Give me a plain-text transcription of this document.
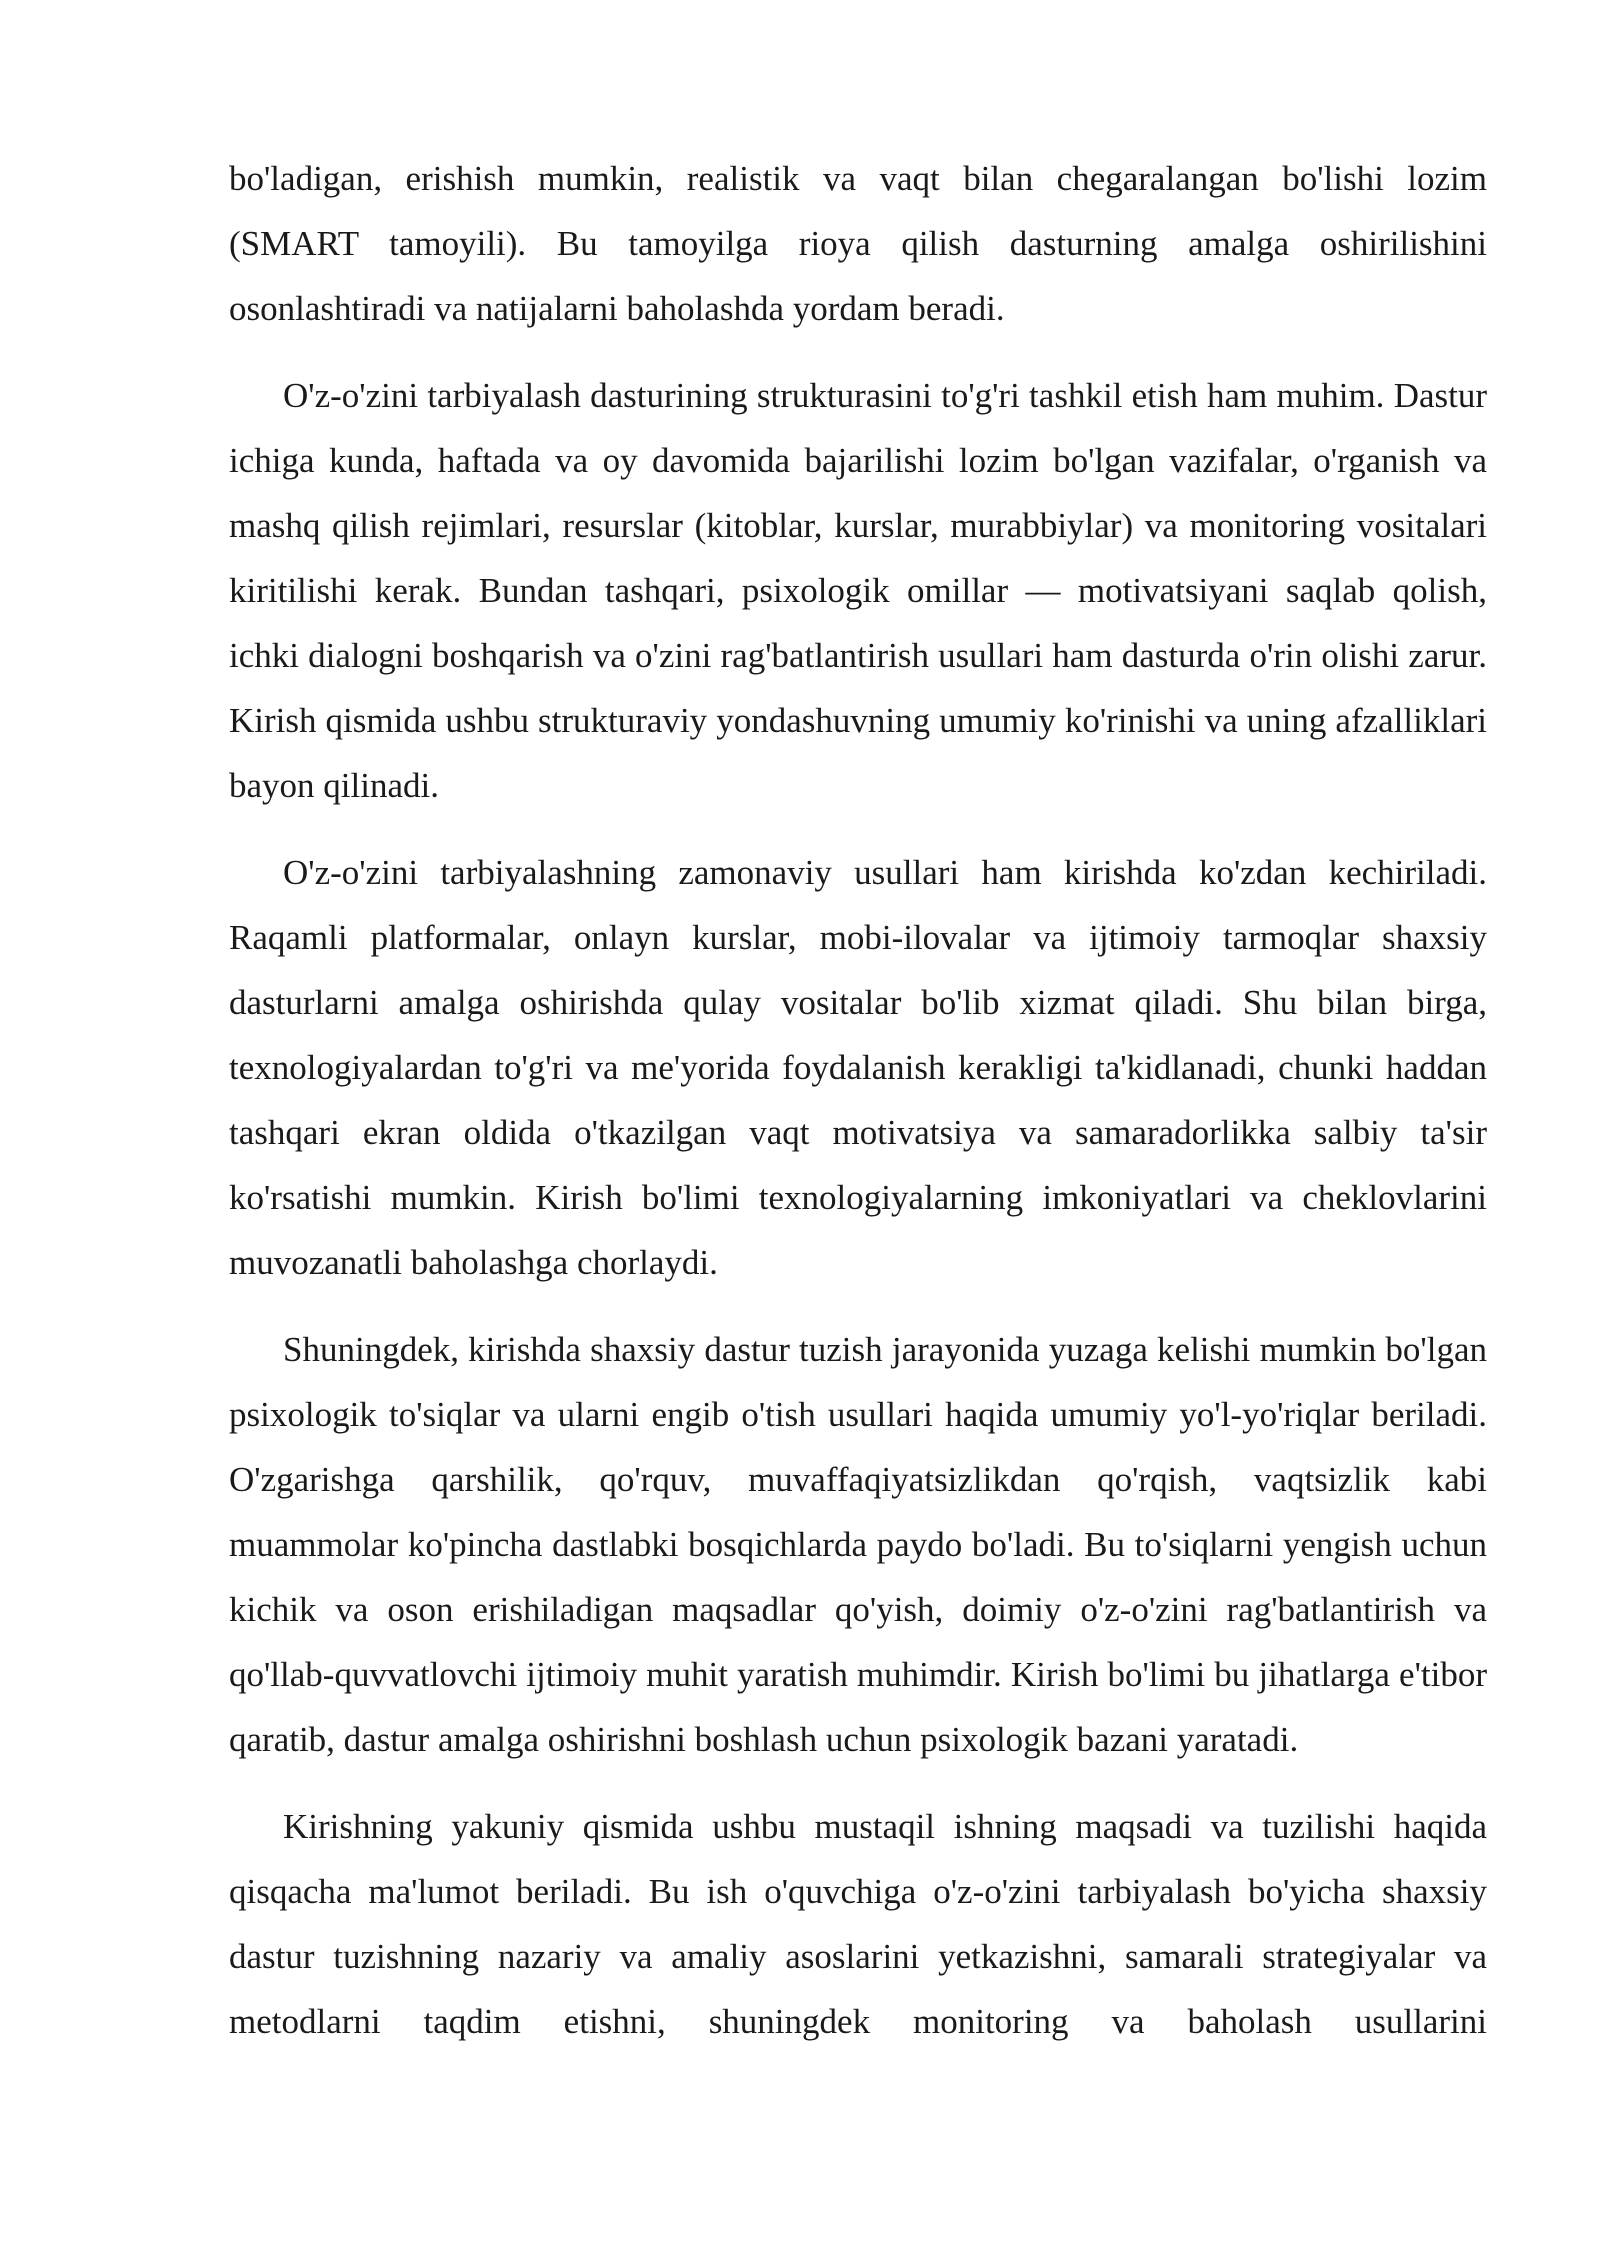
bo'ladigan, erishish mumkin, realistik va vaqt bilan chegaralangan bo'lishi lozim (SMART tamoyili). Bu tamoyilga rioya qilish dasturning amalga oshirilishini osonlashtiradi va natijalarni baholashda yordam beradi.

O'z-o'zini tarbiyalash dasturining strukturasini to'g'ri tashkil etish ham muhim. Dastur ichiga kunda, haftada va oy davomida bajarilishi lozim bo'lgan vazifalar, o'rganish va mashq qilish rejimlari, resurslar (kitoblar, kurslar, murabbiylar) va monitoring vositalari kiritilishi kerak. Bundan tashqari, psixologik omillar — motivatsiyani saqlab qolish, ichki dialogni boshqarish va o'zini rag'batlantirish usullari ham dasturda o'rin olishi zarur. Kirish qismida ushbu strukturaviy yondashuvning umumiy ko'rinishi va uning afzalliklari bayon qilinadi.

O'z-o'zini tarbiyalashning zamonaviy usullari ham kirishda ko'zdan kechiriladi. Raqamli platformalar, onlayn kurslar, mobi-ilovalar va ijtimoiy tarmoqlar shaxsiy dasturlarni amalga oshirishda qulay vositalar bo'lib xizmat qiladi. Shu bilan birga, texnologiyalardan to'g'ri va me'yorida foydalanish kerakligi ta'kidlanadi, chunki haddan tashqari ekran oldida o'tkazilgan vaqt motivatsiya va samaradorlikka salbiy ta'sir ko'rsatishi mumkin. Kirish bo'limi texnologiyalarning imkoniyatlari va cheklovlarini muvozanatli baholashga chorlaydi.

Shuningdek, kirishda shaxsiy dastur tuzish jarayonida yuzaga kelishi mumkin bo'lgan psixologik to'siqlar va ularni engib o'tish usullari haqida umumiy yo'l-yo'riqlar beriladi. O'zgarishga qarshilik, qo'rquv, muvaffaqiyatsizlikdan qo'rqish, vaqtsizlik kabi muammolar ko'pincha dastlabki bosqichlarda paydo bo'ladi. Bu to'siqlarni yengish uchun kichik va oson erishiladigan maqsadlar qo'yish, doimiy o'z-o'zini rag'batlantirish va qo'llab-quvvatlovchi ijtimoiy muhit yaratish muhimdir. Kirish bo'limi bu jihatlarga e'tibor qaratib, dastur amalga oshirishni boshlash uchun psixologik bazani yaratadi.

Kirishning yakuniy qismida ushbu mustaqil ishning maqsadi va tuzilishi haqida qisqacha ma'lumot beriladi. Bu ish o'quvchiga o'z-o'zini tarbiyalash bo'yicha shaxsiy dastur tuzishning nazariy va amaliy asoslarini yetkazishni, samarali strategiyalar va metodlarni taqdim etishni, shuningdek monitoring va baholash usullarini
